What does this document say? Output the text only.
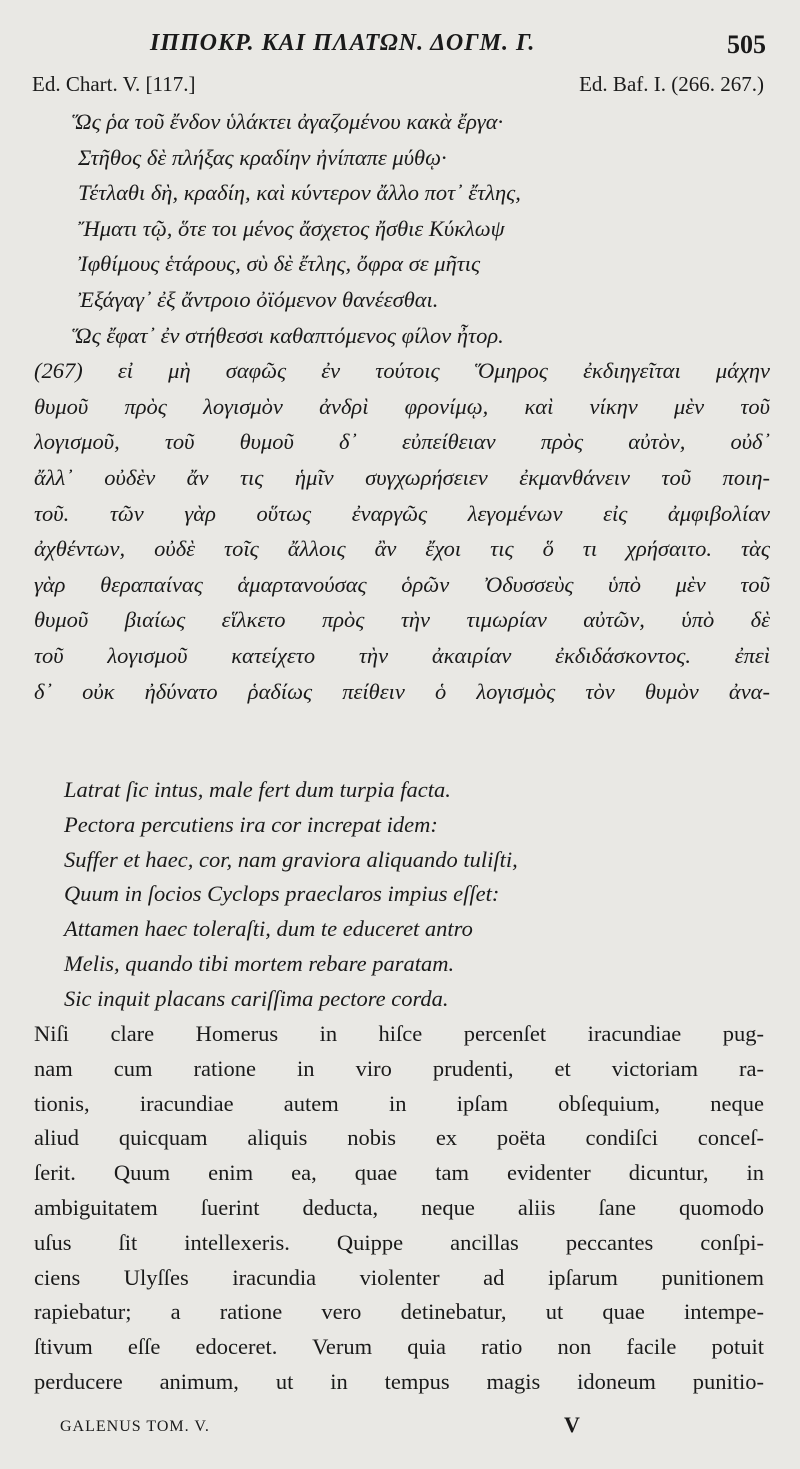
ΙΠΠΟΚΡ. ΚΑΙ ΠΛΑΤΩΝ. ΔΟΓΜ. Γ.	505
Ed. Chart. V. [117.]	Ed. Baf. I. (266. 267.)
Ὥς ῥα τοῦ ἔνδον ὑλάκτει ἀγαζομένου κακὰ ἔργα·
Στῆθος δὲ πλήξας κραδίην ἠνίπαπε μύθῳ·
Τέτλαθι δὴ, κραδίη, καὶ κύντερον ἄλλο ποτ᾽ ἔτλης,
Ἤματι τῷ, ὅτε τοι μένος ἄσχετος ἤσθιε Κύκλωψ
Ἰφθίμους ἑτάρους, σὺ δὲ ἔτλης, ὄφρα σε μῆτις
Ἐξάγαγ᾽ ἐξ ἄντροιο ὀϊόμενον θανέεσθαι.
Ὥς ἔφατ᾽ ἐν στήθεσσι καθαπτόμενος φίλον ἦτορ.
(267) εἰ μὴ σαφῶς ἐν τούτοις Ὅμηρος ἐκδιηγεῖται μάχην
θυμοῦ πρὸς λογισμὸν ἀνδρὶ φρονίμῳ, καὶ νίκην μὲν τοῦ
λογισμοῦ, τοῦ θυμοῦ δ᾽ εὐπείθειαν πρὸς αὐτὸν, οὐδ᾽
ἄλλ᾽ οὐδὲν ἄν τις ἡμῖν συγχωρήσειεν ἐκμανθάνειν τοῦ ποιη-
τοῦ. τῶν γὰρ οὕτως ἐναργῶς λεγομένων εἰς ἀμφιβολίαν
ἀχθέντων, οὐδὲ τοῖς ἄλλοις ἂν ἔχοι τις ὅ τι χρήσαιτο. τὰς
γὰρ θεραπαίνας ἁμαρτανούσας ὁρῶν Ὀδυσσεὺς ὑπὸ μὲν τοῦ
θυμοῦ βιαίως εἵλκετο πρὸς τὴν τιμωρίαν αὐτῶν, ὑπὸ δὲ
τοῦ λογισμοῦ κατείχετο τὴν ἀκαιρίαν ἐκδιδάσκοντος. ἐπεὶ
δ᾽ οὐκ ἠδύνατο ῥαδίως πείθειν ὁ λογισμὸς τὸν θυμὸν ἀνα-
Latrat ſic intus, male fert dum turpia facta.
Pectora percutiens ira cor increpat idem:
Suffer et haec, cor, nam graviora aliquando tuliſti,
Quum in ſocios Cyclops praeclaros impius eſſet:
Attamen haec toleraſti, dum te educeret antro
Melis, quando tibi mortem rebare paratam.
Sic inquit placans cariſſima pectore corda.
Niſi clare Homerus in hiſce percenſet iracundiae pug-
nam cum ratione in viro prudenti, et victoriam ra-
tionis, iracundiae autem in ipſam obſequium, neque
aliud quicquam aliquis nobis ex poëta condiſci conceſ-
ſerit. Quum enim ea, quae tam evidenter dicuntur, in
ambiguitatem ſuerint deducta, neque aliis ſane quomodo
uſus ſit intellexeris. Quippe ancillas peccantes conſpi-
ciens Ulyſſes iracundia violenter ad ipſarum punitionem
rapiebatur; a ratione vero detinebatur, ut quae intempe-
ſtivum eſſe edoceret. Verum quia ratio non facile potuit
perducere animum, ut in tempus magis idoneum punitio-
GALENUS TOM. V.	V
